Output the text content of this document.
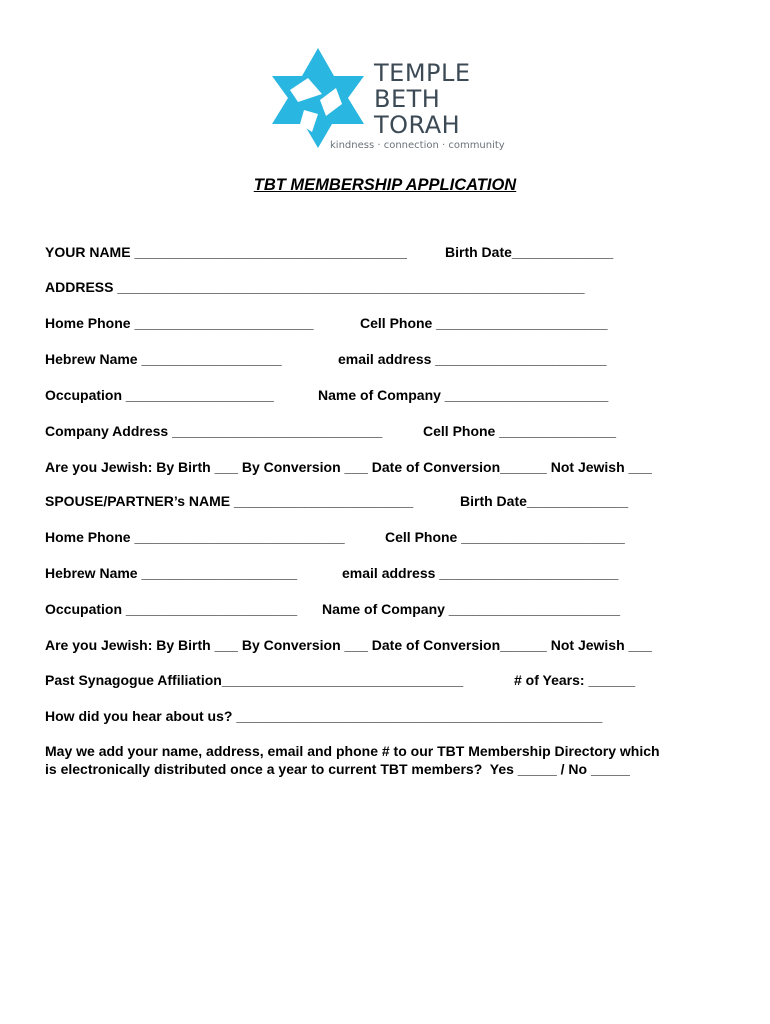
TEMPLE
BETH
TORAH
kindness · connection · community
TBT MEMBERSHIP APPLICATION
YOUR NAME ___________________________________	Birth Date_____________
ADDRESS ____________________________________________________________
Home Phone _______________________	Cell Phone ______________________
Hebrew Name __________________	email address ______________________
Occupation ___________________	Name of Company _____________________
Company Address ___________________________	Cell Phone _______________
Are you Jewish: By Birth ___ By Conversion ___ Date of Conversion______ Not Jewish ___
SPOUSE/PARTNER’s NAME _______________________	Birth Date_____________
Home Phone ___________________________	Cell Phone _____________________
Hebrew Name ____________________	email address _______________________
Occupation ______________________ Name of Company ______________________
Are you Jewish: By Birth ___ By Conversion ___ Date of Conversion______ Not Jewish ___
Past Synagogue Affiliation_______________________________	# of Years: ______
How did you hear about us? _______________________________________________
May we add your name, address, email and phone # to our TBT Membership Directory which
is electronically distributed once a year to current TBT members?  Yes _____ / No _____
